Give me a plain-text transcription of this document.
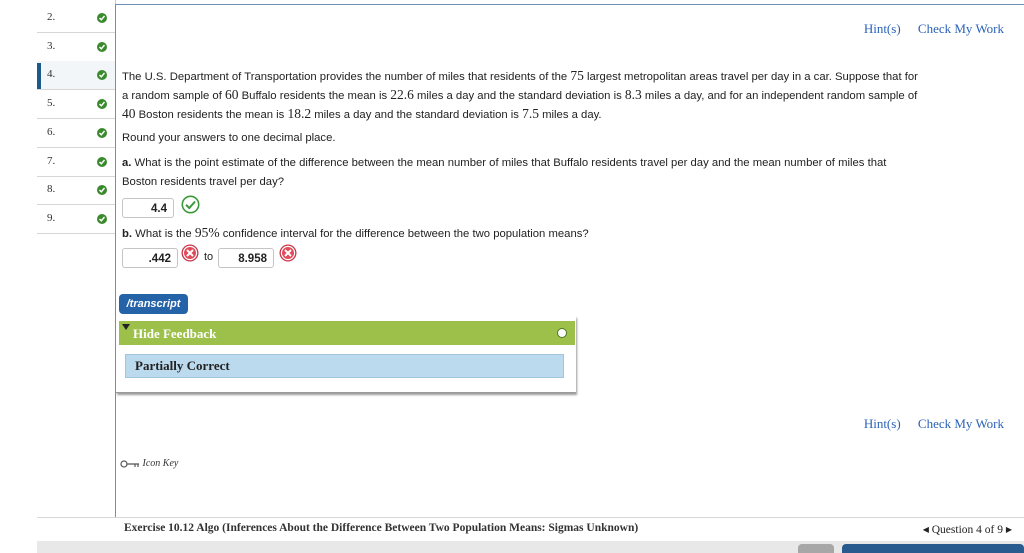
2.
3.
4.
5.
6.
7.
8.
9.
Hint(s) Check My Work
The U.S. Department of Transportation provides the number of miles that residents of the 75 largest metropolitan areas travel per day in a car. Suppose that for
a random sample of 60 Buffalo residents the mean is 22.6 miles a day and the standard deviation is 8.3 miles a day, and for an independent random sample of
40 Boston residents the mean is 18.2 miles a day and the standard deviation is 7.5 miles a day.
Round your answers to one decimal place.
a. What is the point estimate of the difference between the mean number of miles that Buffalo residents travel per day and the mean number of miles that
Boston residents travel per day?
4.4
b. What is the 95% confidence interval for the difference between the two population means?
.442	to	8.958
/transcript
Hide Feedback
Partially Correct
Hint(s) Check My Work
Icon Key
Exercise 10.12 Algo (Inferences About the Difference Between Two Population Means: Sigmas Unknown)	◀ Question 4 of 9 ▶
